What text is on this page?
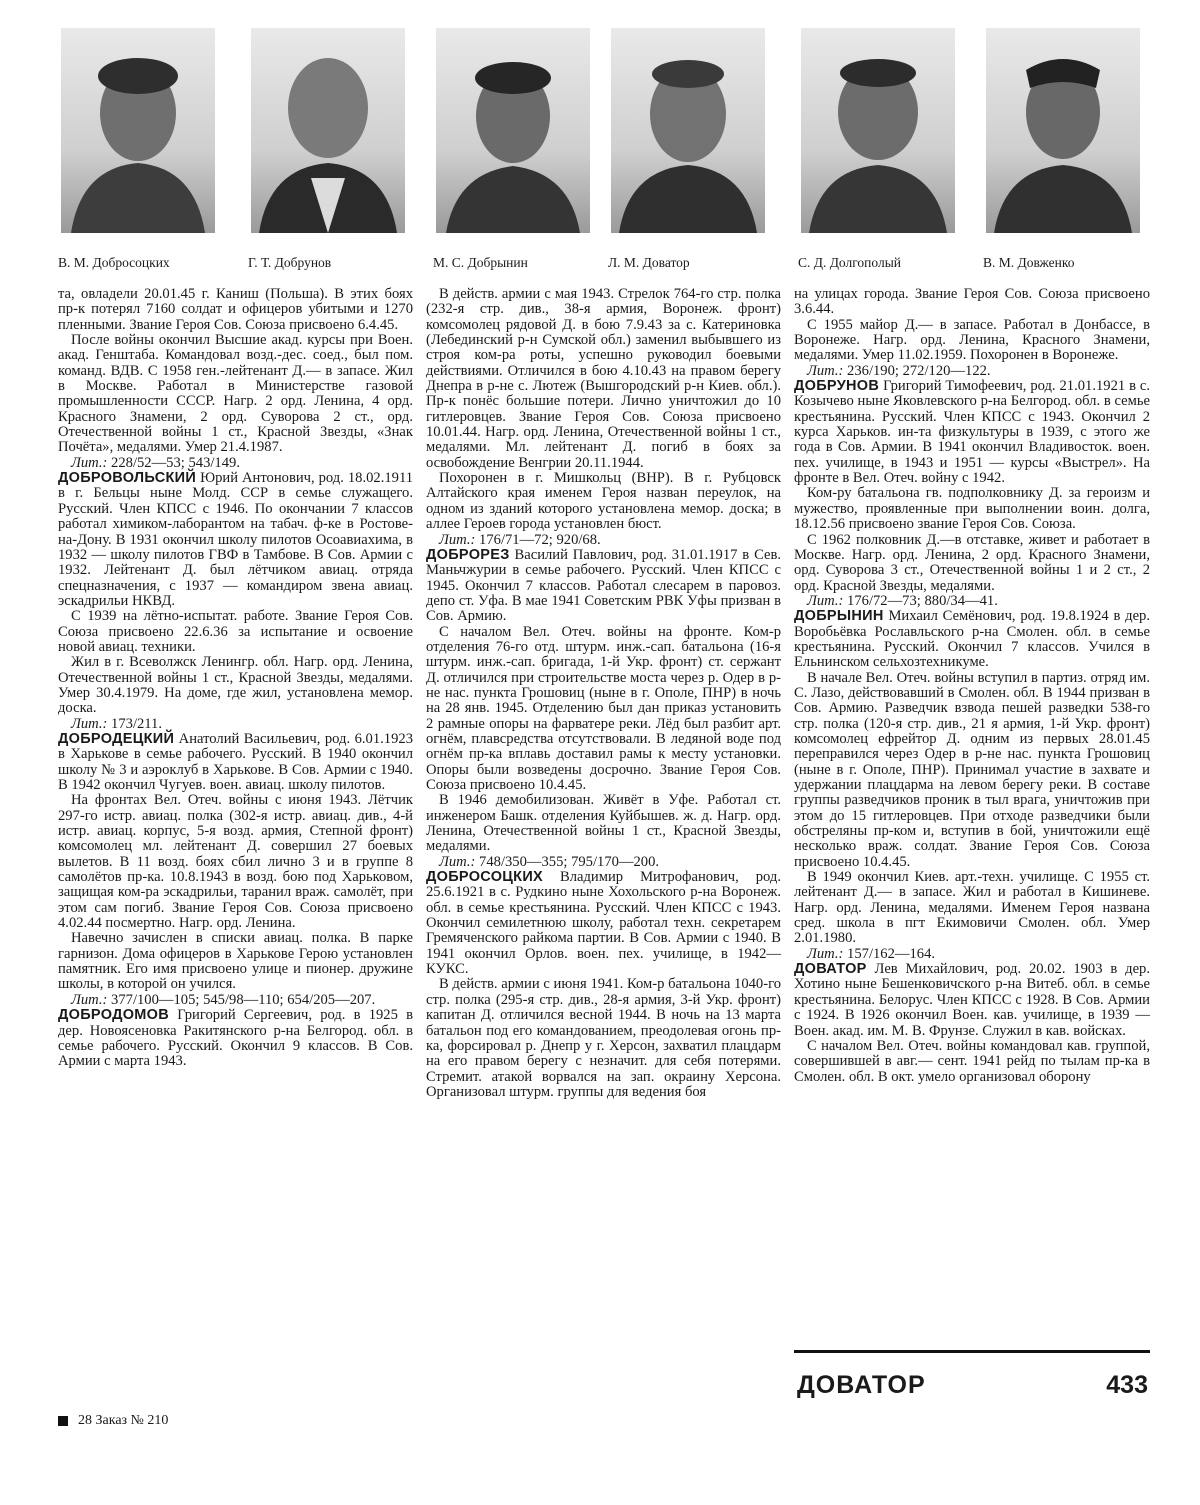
В. М. Добросоцких	Г. Т. Добрунов	М. С. Добрынин	Л. М. Доватор	С. Д. Долгополый	В. М. Довженко

та, овладели 20.01.45 г. Каниш (Польша). В этих боях пр-к потерял 7160 солдат и офицеров убитыми и 1270 пленными. Звание Героя Сов. Союза присвоено 6.4.45.

После войны окончил Высшие акад. курсы при Воен. акад. Генштаба. Командовал возд.-дес. соед., был пом. команд. ВДВ. С 1958 ген.-лейтенант Д.— в запасе. Жил в Москве. Работал в Министерстве газовой промышленности СССР. Нагр. 2 орд. Ленина, 4 орд. Красного Знамени, 2 орд. Суворова 2 ст., орд. Отечественной войны 1 ст., Красной Звезды, «Знак Почёта», медалями. Умер 21.4.1987.

Лит.: 228/52—53; 543/149.

ДОБРОВОЛЬСКИЙ Юрий Антонович, род. 18.02.1911 в г. Бельцы ныне Молд. ССР в семье служащего. Русский. Член КПСС с 1946. По окончании 7 классов работал химиком-лаборантом на табач. ф-ке в Ростове-на-Дону. В 1931 окончил школу пилотов Осоавиахима, в 1932 — школу пилотов ГВФ в Тамбове. В Сов. Армии с 1932. Лейтенант Д. был лётчиком авиац. отряда спецназначения, с 1937 — командиром звена авиац. эскадрильи НКВД.

С 1939 на лётно-испытат. работе. Звание Героя Сов. Союза присвоено 22.6.36 за испытание и освоение новой авиац. техники.

Жил в г. Всеволжск Ленингр. обл. Нагр. орд. Ленина, Отечественной войны 1 ст., Красной Звезды, медалями. Умер 30.4.1979. На доме, где жил, установлена мемор. доска.

Лит.: 173/211.

ДОБРОДЕЦКИЙ Анатолий Васильевич, род. 6.01.1923 в Харькове в семье рабочего. Русский. В 1940 окончил школу № 3 и аэроклуб в Харькове. В Сов. Армии с 1940. В 1942 окончил Чугуев. воен. авиац. школу пилотов.

На фронтах Вел. Отеч. войны с июня 1943. Лётчик 297-го истр. авиац. полка (302-я истр. авиац. див., 4-й истр. авиац. корпус, 5-я возд. армия, Степной фронт) комсомолец мл. лейтенант Д. совершил 27 боевых вылетов. В 11 возд. боях сбил лично 3 и в группе 8 самолётов пр-ка. 10.8.1943 в возд. бою под Харьковом, защищая ком-ра эскадрильи, таранил враж. самолёт, при этом сам погиб. Звание Героя Сов. Союза присвоено 4.02.44 посмертно. Нагр. орд. Ленина.

Навечно зачислен в списки авиац. полка. В парке гарнизон. Дома офицеров в Харькове Герою установлен памятник. Его имя присвоено улице и пионер. дружине школы, в которой он учился.

Лит.: 377/100—105; 545/98—110; 654/205—207.

ДОБРОДОМОВ Григорий Сергеевич, род. в 1925 в дер. Новоясеновка Ракитянского р-на Белгород. обл. в семье рабочего. Русский. Окончил 9 классов. В Сов. Армии с марта 1943.

В действ. армии с мая 1943. Стрелок 764-го стр. полка (232-я стр. див., 38-я армия, Воронеж. фронт) комсомолец рядовой Д. в бою 7.9.43 за с. Катериновка (Лебединский р-н Сумской обл.) заменил выбывшего из строя ком-ра роты, успешно руководил боевыми действиями. Отличился в бою 4.10.43 на правом берегу Днепра в р-не с. Лютеж (Вышгородский р-н Киев. обл.). Пр-к понёс большие потери. Лично уничтожил до 10 гитлеровцев. Звание Героя Сов. Союза присвоено 10.01.44. Нагр. орд. Ленина, Отечественной войны 1 ст., медалями. Мл. лейтенант Д. погиб в боях за освобождение Венгрии 20.11.1944.

Похоронен в г. Мишкольц (ВНР). В г. Рубцовск Алтайского края именем Героя назван переулок, на одном из зданий которого установлена мемор. доска; в аллее Героев города установлен бюст.

Лит.: 176/71—72; 920/68.

ДОБРОРЕЗ Василий Павлович, род. 31.01.1917 в Сев. Маньчжурии в семье рабочего. Русский. Член КПСС с 1945. Окончил 7 классов. Работал слесарем в паровоз. депо ст. Уфа. В мае 1941 Советским РВК Уфы призван в Сов. Армию.

С началом Вел. Отеч. войны на фронте. Ком-р отделения 76-го отд. штурм. инж.-сап. батальона (16-я штурм. инж.-сап. бригада, 1-й Укр. фронт) ст. сержант Д. отличился при строительстве моста через р. Одер в р-не нас. пункта Грошовиц (ныне в г. Ополе, ПНР) в ночь на 28 янв. 1945. Отделению был дан приказ установить 2 рамные опоры на фарватере реки. Лёд был разбит арт. огнём, плавсредства отсутствовали. В ледяной воде под огнём пр-ка вплавь доставил рамы к месту установки. Опоры были возведены досрочно. Звание Героя Сов. Союза присвоено 10.4.45.

В 1946 демобилизован. Живёт в Уфе. Работал ст. инженером Башк. отделения Куйбышев. ж. д. Нагр. орд. Ленина, Отечественной войны 1 ст., Красной Звезды, медалями.

Лит.: 748/350—355; 795/170—200.

ДОБРОСОЦКИХ Владимир Митрофанович, род. 25.6.1921 в с. Рудкино ныне Хохольского р-на Воронеж. обл. в семье крестьянина. Русский. Член КПСС с 1943. Окончил семилетнюю школу, работал техн. секретарем Гремяченского райкома партии. В Сов. Армии с 1940. В 1941 окончил Орлов. воен. пех. училище, в 1942—КУКС.

В действ. армии с июня 1941. Ком-р батальона 1040-го стр. полка (295-я стр. див., 28-я армия, 3-й Укр. фронт) капитан Д. отличился весной 1944. В ночь на 13 марта батальон под его командованием, преодолевая огонь пр-ка, форсировал р. Днепр у г. Херсон, захватил плацдарм на его правом берегу с незначит. для себя потерями. Стремит. атакой ворвался на зап. окраину Херсона. Организовал штурм. группы для ведения боя

на улицах города. Звание Героя Сов. Союза присвоено 3.6.44.

С 1955 майор Д.— в запасе. Работал в Донбассе, в Воронеже. Нагр. орд. Ленина, Красного Знамени, медалями. Умер 11.02.1959. Похоронен в Воронеже.

Лит.: 236/190; 272/120—122.

ДОБРУНОВ Григорий Тимофеевич, род. 21.01.1921 в с. Козычево ныне Яковлевского р-на Белгород. обл. в семье крестьянина. Русский. Член КПСС с 1943. Окончил 2 курса Харьков. ин-та физкультуры в 1939, с этого же года в Сов. Армии. В 1941 окончил Владивосток. воен. пех. училище, в 1943 и 1951 — курсы «Выстрел». На фронте в Вел. Отеч. войну с 1942.

Ком-ру батальона гв. подполковнику Д. за героизм и мужество, проявленные при выполнении воин. долга, 18.12.56 присвоено звание Героя Сов. Союза.

С 1962 полковник Д.—в отставке, живет и работает в Москве. Нагр. орд. Ленина, 2 орд. Красного Знамени, орд. Суворова 3 ст., Отечественной войны 1 и 2 ст., 2 орд. Красной Звезды, медалями.

Лит.: 176/72—73; 880/34—41.

ДОБРЫНИН Михаил Семёнович, род. 19.8.1924 в дер. Воробьёвка Рославльского р-на Смолен. обл. в семье крестьянина. Русский. Окончил 7 классов. Учился в Ельнинском сельхозтехникуме.

В начале Вел. Отеч. войны вступил в партиз. отряд им. С. Лазо, действовавший в Смолен. обл. В 1944 призван в Сов. Армию. Разведчик взвода пешей разведки 538-го стр. полка (120-я стр. див., 21 я армия, 1-й Укр. фронт) комсомолец ефрейтор Д. одним из первых 28.01.45 переправился через Одер в р-не нас. пункта Грошовиц (ныне в г. Ополе, ПНР). Принимал участие в захвате и удержании плацдарма на левом берегу реки. В составе группы разведчиков проник в тыл врага, уничтожив при этом до 15 гитлеровцев. При отходе разведчики были обстреляны пр-ком и, вступив в бой, уничтожили ещё несколько враж. солдат. Звание Героя Сов. Союза присвоено 10.4.45.

В 1949 окончил Киев. арт.-техн. училище. С 1955 ст. лейтенант Д.— в запасе. Жил и работал в Кишиневе. Нагр. орд. Ленина, медалями. Именем Героя названа сред. школа в пгт Екимовичи Смолен. обл. Умер 2.01.1980.

Лит.: 157/162—164.

ДОВАТОР Лев Михайлович, род. 20.02. 1903 в дер. Хотино ныне Бешенковичского р-на Витеб. обл. в семье крестьянина. Белорус. Член КПСС с 1928. В Сов. Армии с 1924. В 1926 окончил Воен. кав. училище, в 1939 — Воен. акад. им. М. В. Фрунзе. Служил в кав. войсках.

С началом Вел. Отеч. войны командовал кав. группой, совершившей в авг.— сент. 1941 рейд по тылам пр-ка в Смолен. обл. В окт. умело организовал оборону

ДОВАТОР	433
28 Заказ № 210
